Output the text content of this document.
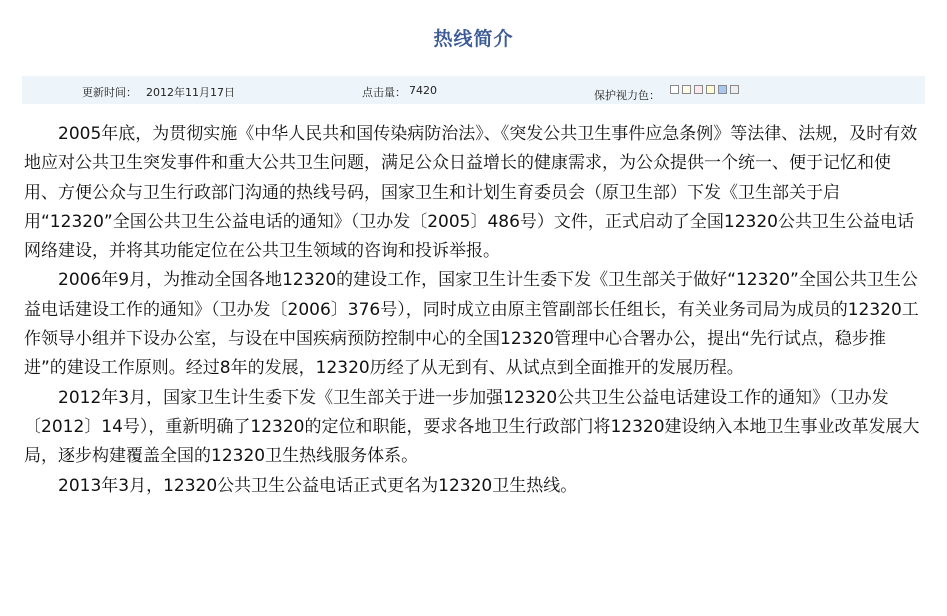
热线简介
更新时间： 2012年11月17日	点击量： 7420	保护视力色：

2005年底，为贯彻实施《中华人民共和国传染病防治法》、《突发公共卫生事件应急条例》等法律、法规，及时有效地应对公共卫生突发事件和重大公共卫生问题，满足公众日益增长的健康需求，为公众提供一个统一、便于记忆和使用、方便公众与卫生行政部门沟通的热线号码，国家卫生和计划生育委员会（原卫生部）下发《卫生部关于启用“12320”全国公共卫生公益电话的通知》（卫办发〔2005〕486号）文件，正式启动了全国12320公共卫生公益电话网络建设，并将其功能定位在公共卫生领域的咨询和投诉举报。

2006年9月，为推动全国各地12320的建设工作，国家卫生计生委下发《卫生部关于做好“12320”全国公共卫生公益电话建设工作的通知》（卫办发〔2006〕376号），同时成立由原主管副部长任组长，有关业务司局为成员的12320工作领导小组并下设办公室，与设在中国疾病预防控制中心的全国12320管理中心合署办公，提出“先行试点，稳步推进”的建设工作原则。经过8年的发展，12320历经了从无到有、从试点到全面推开的发展历程。

2012年3月，国家卫生计生委下发《卫生部关于进一步加强12320公共卫生公益电话建设工作的通知》（卫办发〔2012〕14号），重新明确了12320的定位和职能，要求各地卫生行政部门将12320建设纳入本地卫生事业改革发展大局，逐步构建覆盖全国的12320卫生热线服务体系。

2013年3月，12320公共卫生公益电话正式更名为12320卫生热线。
